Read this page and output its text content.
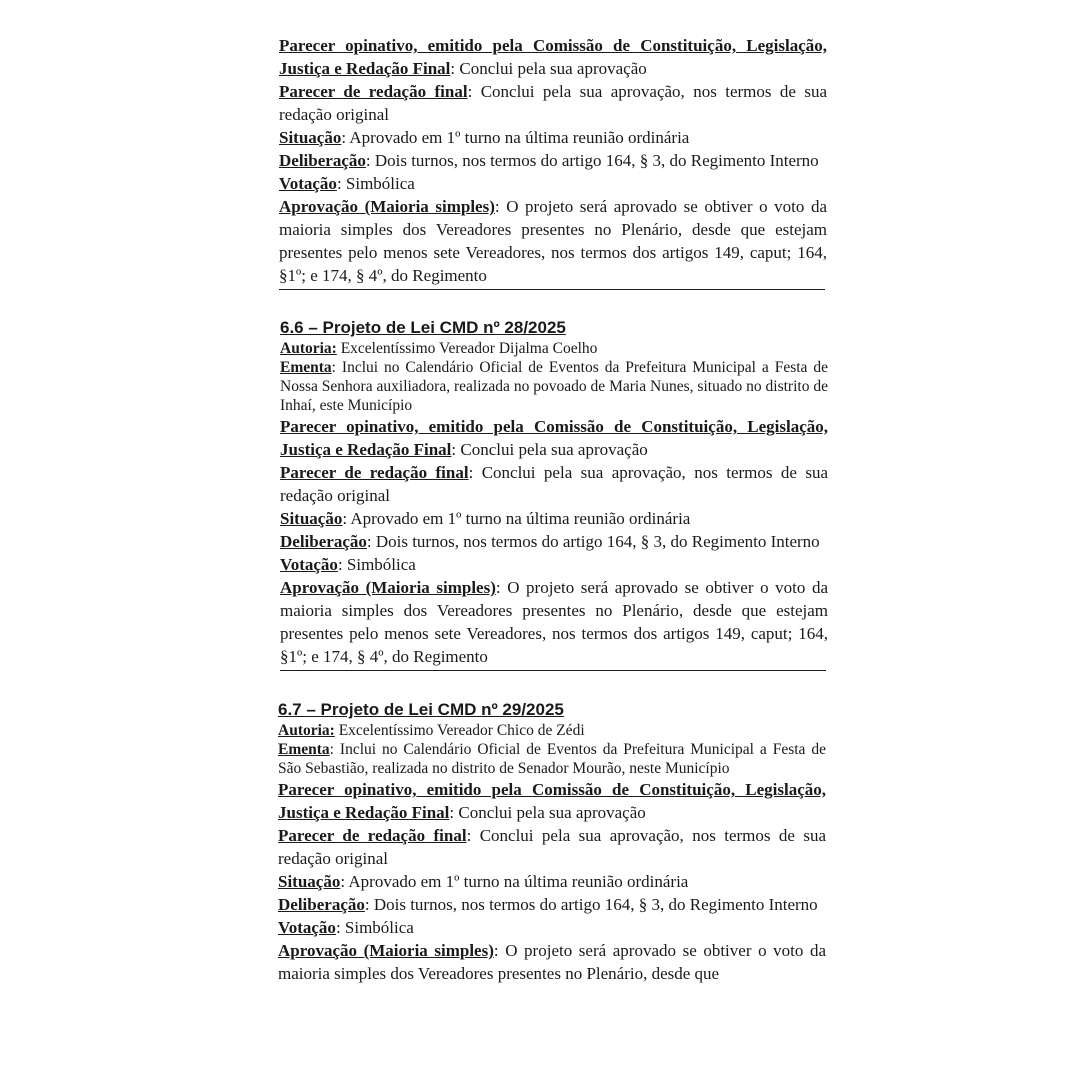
Parecer opinativo, emitido pela Comissão de Constituição, Legislação, Justiça e Redação Final: Conclui pela sua aprovação

Parecer de redação final: Conclui pela sua aprovação, nos termos de sua redação original

Situação: Aprovado em 1º turno na última reunião ordinária

Deliberação: Dois turnos, nos termos do artigo 164, § 3, do Regimento Interno

Votação: Simbólica

Aprovação (Maioria simples): O projeto será aprovado se obtiver o voto da maioria simples dos Vereadores presentes no Plenário, desde que estejam presentes pelo menos sete Vereadores, nos termos dos artigos 149, caput; 164, §1º; e 174, § 4º, do Regimento

6.6 – Projeto de Lei CMD nº 28/2025

Autoria: Excelentíssimo Vereador Dijalma Coelho

Ementa: Inclui no Calendário Oficial de Eventos da Prefeitura Municipal a Festa de Nossa Senhora auxiliadora, realizada no povoado de Maria Nunes, situado no distrito de Inhaí, este Município

Parecer opinativo, emitido pela Comissão de Constituição, Legislação, Justiça e Redação Final: Conclui pela sua aprovação

Parecer de redação final: Conclui pela sua aprovação, nos termos de sua redação original

Situação: Aprovado em 1º turno na última reunião ordinária

Deliberação: Dois turnos, nos termos do artigo 164, § 3, do Regimento Interno

Votação: Simbólica

Aprovação (Maioria simples): O projeto será aprovado se obtiver o voto da maioria simples dos Vereadores presentes no Plenário, desde que estejam presentes pelo menos sete Vereadores, nos termos dos artigos 149, caput; 164, §1º; e 174, § 4º, do Regimento

6.7 – Projeto de Lei CMD nº 29/2025

Autoria: Excelentíssimo Vereador Chico de Zédi

Ementa: Inclui no Calendário Oficial de Eventos da Prefeitura Municipal a Festa de São Sebastião, realizada no distrito de Senador Mourão, neste Município

Parecer opinativo, emitido pela Comissão de Constituição, Legislação, Justiça e Redação Final: Conclui pela sua aprovação

Parecer de redação final: Conclui pela sua aprovação, nos termos de sua redação original

Situação: Aprovado em 1º turno na última reunião ordinária

Deliberação: Dois turnos, nos termos do artigo 164, § 3, do Regimento Interno

Votação: Simbólica

Aprovação (Maioria simples): O projeto será aprovado se obtiver o voto da maioria simples dos Vereadores presentes no Plenário, desde que
